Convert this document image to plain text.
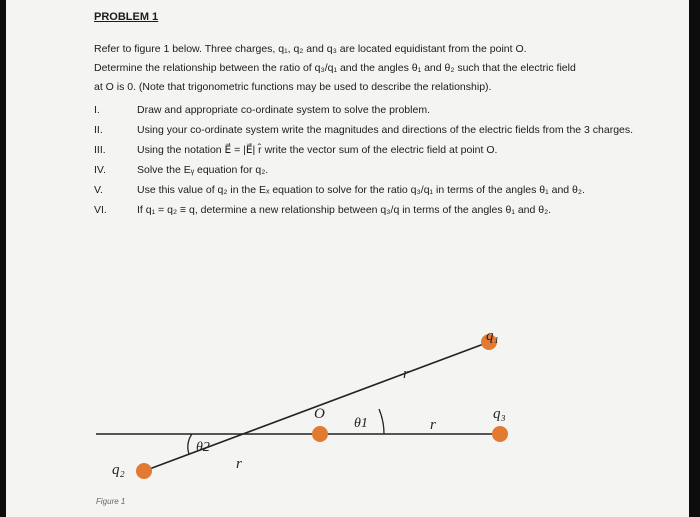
PROBLEM 1

Refer to figure 1 below. Three charges, q₁, q₂ and q₃ are located equidistant from the point O.

Determine the relationship between the ratio of q₃/q₁ and the angles θ₁ and θ₂ such that the electric field

at O is 0. (Note that trigonometric functions may be used to describe the relationship).

I.	Draw and appropriate co-ordinate system to solve the problem.
II.	Using your co-ordinate system write the magnitudes and directions of the electric fields from the 3 charges.
III.	Using the notation E⃗ = |E⃗| r̂ write the vector sum of the electric field at point O.
IV.	Solve the Eᵧ equation for q₂.
V.	Use this value of q₂ in the Eₓ equation to solve for the ratio q₃/q₁ in terms of the angles θ₁ and θ₂.
VI.	If q₁ = q₂ ≡ q, determine a new relationship between q₃/q in terms of the angles θ₁ and θ₂.
q₁
q₃
q₂
O
r
r
r
θ1
θ2
Figure 1
